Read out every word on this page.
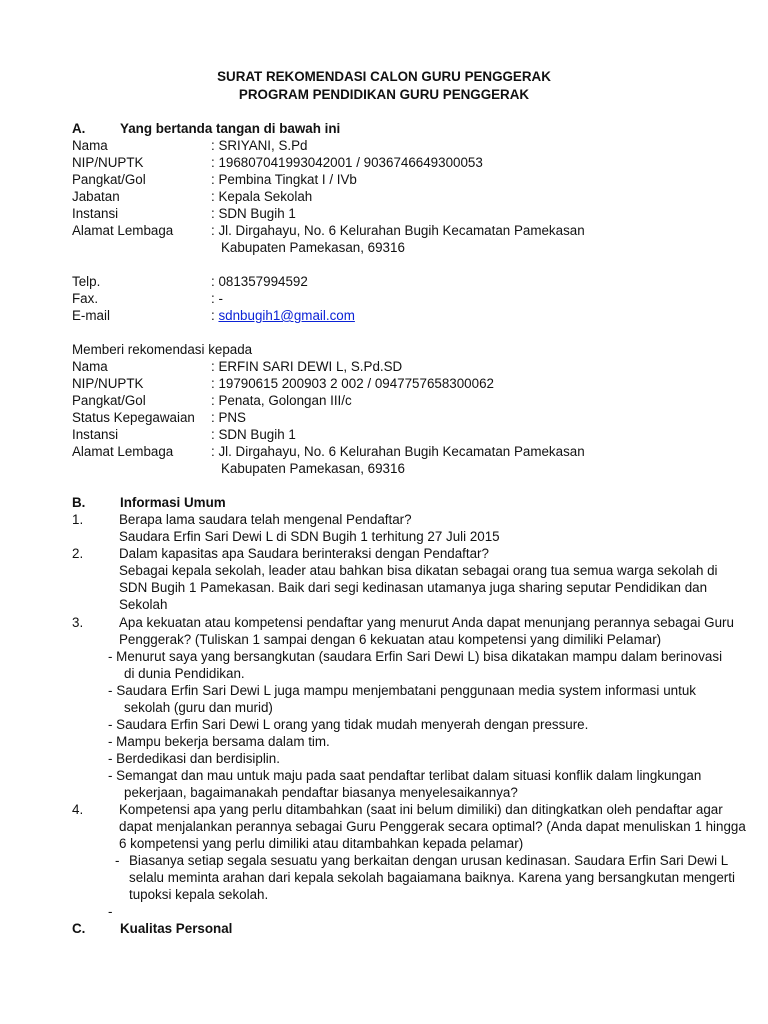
SURAT REKOMENDASI CALON GURU PENGGERAK
PROGRAM PENDIDIKAN GURU PENGGERAK
A.	Yang bertanda tangan di bawah ini
Nama	: SRIYANI, S.Pd
NIP/NUPTK	: 196807041993042001 / 9036746649300053
Pangkat/Gol	: Pembina Tingkat I / IVb
Jabatan	: Kepala Sekolah
Instansi	: SDN Bugih 1
Alamat Lembaga	: Jl. Dirgahayu, No. 6 Kelurahan Bugih Kecamatan Pamekasan
Kabupaten Pamekasan, 69316
Telp.	: 081357994592
Fax.	: -
E-mail	: sdnbugih1@gmail.com
Memberi rekomendasi kepada
Nama	: ERFIN SARI DEWI L, S.Pd.SD
NIP/NUPTK	: 19790615 200903 2 002 / 0947757658300062
Pangkat/Gol	: Penata, Golongan III/c
Status Kepegawaian : PNS
Instansi	: SDN Bugih 1
Alamat Lembaga	: Jl. Dirgahayu, No. 6 Kelurahan Bugih Kecamatan Pamekasan
Kabupaten Pamekasan, 69316
B.	Informasi Umum
1.	Berapa lama saudara telah mengenal Pendaftar?
Saudara Erfin Sari Dewi L di SDN Bugih 1 terhitung 27 Juli 2015
2.	Dalam kapasitas apa Saudara berinteraksi dengan Pendaftar?
Sebagai kepala sekolah, leader atau bahkan bisa dikatan sebagai orang tua semua warga sekolah di
SDN Bugih 1 Pamekasan. Baik dari segi kedinasan utamanya juga sharing seputar Pendidikan dan
Sekolah
3.	Apa kekuatan atau kompetensi pendaftar yang menurut Anda dapat menunjang perannya sebagai Guru
Penggerak? (Tuliskan 1 sampai dengan 6 kekuatan atau kompetensi yang dimiliki Pelamar)
- Menurut saya yang bersangkutan (saudara Erfin Sari Dewi L) bisa dikatakan mampu dalam berinovasi
di dunia Pendidikan.
- Saudara Erfin Sari Dewi L juga mampu menjembatani penggunaan media system informasi untuk
sekolah (guru dan murid)
- Saudara Erfin Sari Dewi L orang yang tidak mudah menyerah dengan pressure.
- Mampu bekerja bersama dalam tim.
- Berdedikasi dan berdisiplin.
- Semangat dan mau untuk maju pada saat pendaftar terlibat dalam situasi konflik dalam lingkungan
pekerjaan, bagaimanakah pendaftar biasanya menyelesaikannya?
4.	Kompetensi apa yang perlu ditambahkan (saat ini belum dimiliki) dan ditingkatkan oleh pendaftar agar
dapat menjalankan perannya sebagai Guru Penggerak secara optimal? (Anda dapat menuliskan 1 hingga
6 kompetensi yang perlu dimiliki atau ditambahkan kepada pelamar)
- Biasanya setiap segala sesuatu yang berkaitan dengan urusan kedinasan. Saudara Erfin Sari Dewi L
selalu meminta arahan dari kepala sekolah bagaiamana baiknya. Karena yang bersangkutan mengerti
tupoksi kepala sekolah.
-
C.	Kualitas Personal
